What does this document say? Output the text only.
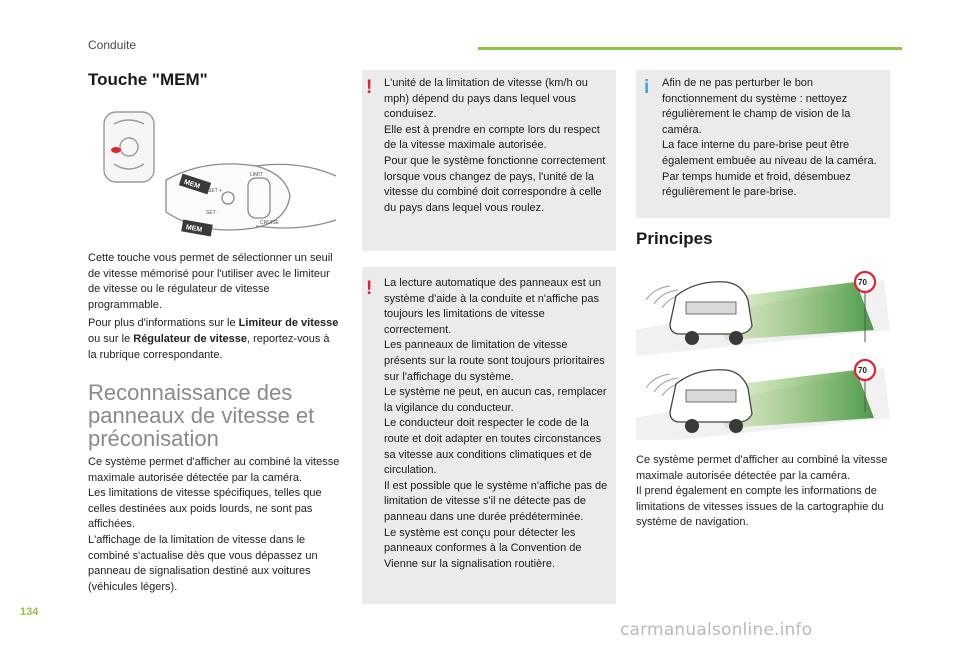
Conduite
Touche "MEM"
MEM
MEM
LIMIT
SET +
SET -
CRUISE

Cette touche vous permet de sélectionner un seuil de vitesse mémorisé pour l'utiliser avec le limiteur de vitesse ou le régulateur de vitesse programmable.

Pour plus d'informations sur le Limiteur de vitesse ou sur le Régulateur de vitesse, reportez-vous à la rubrique correspondante.

Reconnaissance des panneaux de vitesse et préconisation

Ce système permet d'afficher au combiné la vitesse maximale autorisée détectée par la caméra.

Les limitations de vitesse spécifiques, telles que celles destinées aux poids lourds, ne sont pas affichées.

L'affichage de la limitation de vitesse dans le combiné s'actualise dès que vous dépassez un panneau de signalisation destiné aux voitures (véhicules légers).

! L'unité de la limitation de vitesse (km/h ou mph) dépend du pays dans lequel vous conduisez.

Elle est à prendre en compte lors du respect de la vitesse maximale autorisée.

Pour que le système fonctionne correctement lorsque vous changez de pays, l'unité de la vitesse du combiné doit correspondre à celle du pays dans lequel vous roulez.

! La lecture automatique des panneaux est un système d'aide à la conduite et n'affiche pas toujours les limitations de vitesse correctement.

Les panneaux de limitation de vitesse présents sur la route sont toujours prioritaires sur l'affichage du système.

Le système ne peut, en aucun cas, remplacer la vigilance du conducteur.

Le conducteur doit respecter le code de la route et doit adapter en toutes circonstances sa vitesse aux conditions climatiques et de circulation.

Il est possible que le système n'affiche pas de limitation de vitesse s'il ne détecte pas de panneau dans une durée prédéterminée.

Le système est conçu pour détecter les panneaux conformes à la Convention de Vienne sur la signalisation routière.

i Afin de ne pas perturber le bon fonctionnement du système : nettoyez régulièrement le champ de vision de la caméra.

La face interne du pare-brise peut être également embuée au niveau de la caméra. Par temps humide et froid, désembuez régulièrement le pare-brise.

Principes
70
70

Ce système permet d'afficher au combiné la vitesse maximale autorisée détectée par la caméra.

Il prend également en compte les informations de limitations de vitesses issues de la cartographie du système de navigation.

134
carmanualsonline.info
